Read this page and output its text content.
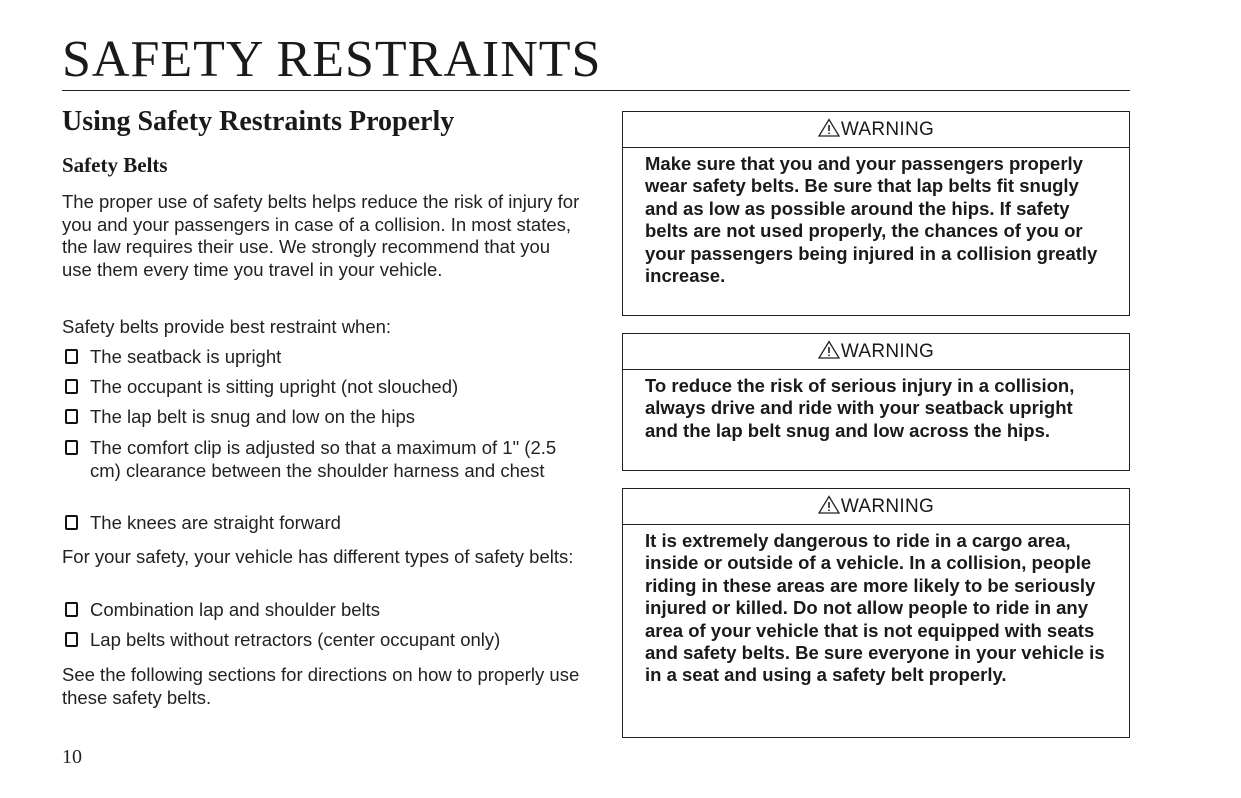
SAFETY RESTRAINTS
Using Safety Restraints Properly
Safety Belts

The proper use of safety belts helps reduce the risk of injury for you and your passengers in case of a collision. In most states, the law requires their use. We strongly recommend that you use them every time you travel in your vehicle.

Safety belts provide best restraint when:

The seatback is upright
The occupant is sitting upright (not slouched)
The lap belt is snug and low on the hips
The comfort clip is adjusted so that a maximum of 1" (2.5 cm) clearance between the shoulder harness and chest
The knees are straight forward

For your safety, your vehicle has different types of safety belts:

Combination lap and shoulder belts
Lap belts without retractors (center occupant only)

See the following sections for directions on how to properly use these safety belts.

10
WARNING
Make sure that you and your passengers properly wear safety belts. Be sure that lap belts fit snugly and as low as possible around the hips. If safety belts are not used properly, the chances of you or your passengers being injured in a collision greatly increase.
WARNING
To reduce the risk of serious injury in a collision, always drive and ride with your seatback upright and the lap belt snug and low across the hips.
WARNING
It is extremely dangerous to ride in a cargo area, inside or outside of a vehicle. In a collision, people riding in these areas are more likely to be seriously injured or killed. Do not allow people to ride in any area of your vehicle that is not equipped with seats and safety belts. Be sure everyone in your vehicle is in a seat and using a safety belt properly.
